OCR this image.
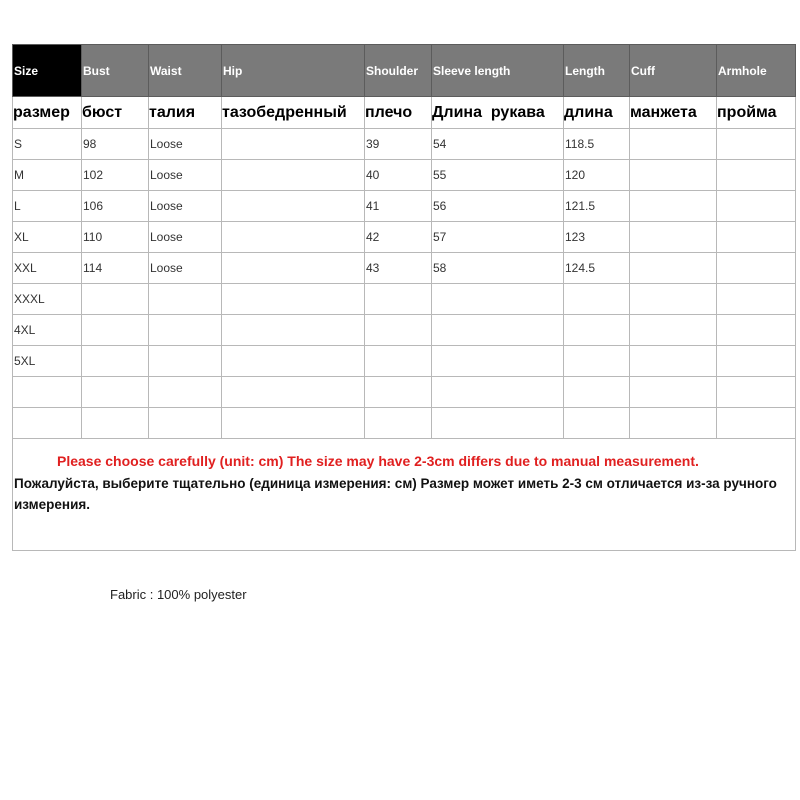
Size	Bust	Waist	Hip	Shoulder	Sleeve length	Length	Cuff	Armhole
размер	бюст	талия	тазобедренный	плечо	Длина  рукава	длина	манжета	пройма
S	98	Loose		39	54	118.5		
M	102	Loose		40	55	120		
L	106	Loose		41	56	121.5		
XL	110	Loose		42	57	123		
XXL	114	Loose		43	58	124.5		
XXXL								
4XL								
5XL								

Please choose carefully (unit: cm) The size may have 2-3cm differs due to manual measurement.
Пожалуйста, выберите тщательно (единица измерения: см) Размер может иметь 2-3 см отличается из-за ручного измерения.								
Fabric : 100% polyester
